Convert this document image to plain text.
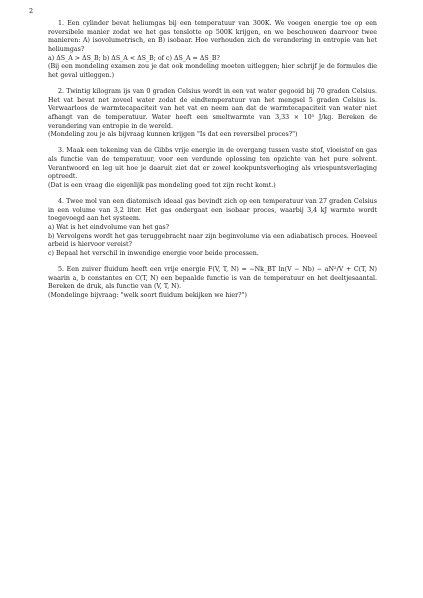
2

1. Een cylinder bevat heliumgas bij een temperatuur van 300K. We voegen energie toe op een reversibele manier zodat we het gas tenslotte op 500K krijgen, en we beschouwen daarvoor twee manieren: A) isovolumetrisch, en B) isobaar. Hoe verhouden zich de verandering in entropie van het heliumgas?

a) ΔS_A > ΔS_B; b) ΔS_A < ΔS_B; of c) ΔS_A = ΔS_B?

(Bij een mondeling examen zou je dat ook mondeling moeten uitleggen; hier schrijf je de formules die het geval uitleggen.)

2. Twintig kilogram ijs van 0 graden Celsius wordt in een vat water gegooid bij 70 graden Celsius. Het vat bevat net zoveel water zodat de eindtemperatuur van het mengsel 5 graden Celsius is. Verwaarloos de warmtecapaciteit van het vat en neem aan dat de warmtecapaciteit van water niet afhangt van de temperatuur. Water heeft een smeltwarmte van 3,33 × 10⁵ J/kg. Bereken de verandering van entropie in de wereld.

(Mondeling zou je als bijvraag kunnen krijgen "Is dat een reversibel proces?")

3. Maak een tekening van de Gibbs vrije energie in de overgang tussen vaste stof, vloeistof en gas als functie van de temperatuur, voor een verdunde oplossing ten opzichte van het pure solvent. Verantwoord en leg uit hoe je daaruit ziet dat er zowel kookpuntsverhoging als vriespuntsverlaging optreedt.

(Dat is een vraag die eigenlijk pas mondeling goed tot zijn recht komt.)

4. Twee mol van een diatomisch ideaal gas bevindt zich op een temperatuur van 27 graden Celsius in een volume van 3,2 liter. Het gas ondergaat een isobaar proces, waarbij 3,4 kJ warmte wordt toegevoegd aan het systeem.

a) Wat is het eindvolume van het gas?

b) Vervolgens wordt het gas teruggebracht naar zijn beginvolume via een adiabatisch proces. Hoeveel arbeid is hiervoor vereist?

c) Bepaal het verschil in inwendige energie voor beide processen.

5. Een zuiver fluidum heeft een vrije energie F(V, T, N) = −Nk_BT ln(V − Nb) − aN²/V + C(T, N) waarin a, b constantes en C(T, N) een bepaalde functie is van de temperatuur en het deeltjesaantal. Bereken de druk, als functie van (V, T, N).

(Mondelinge bijvraag: "welk soort fluidum bekijken we hier?")
